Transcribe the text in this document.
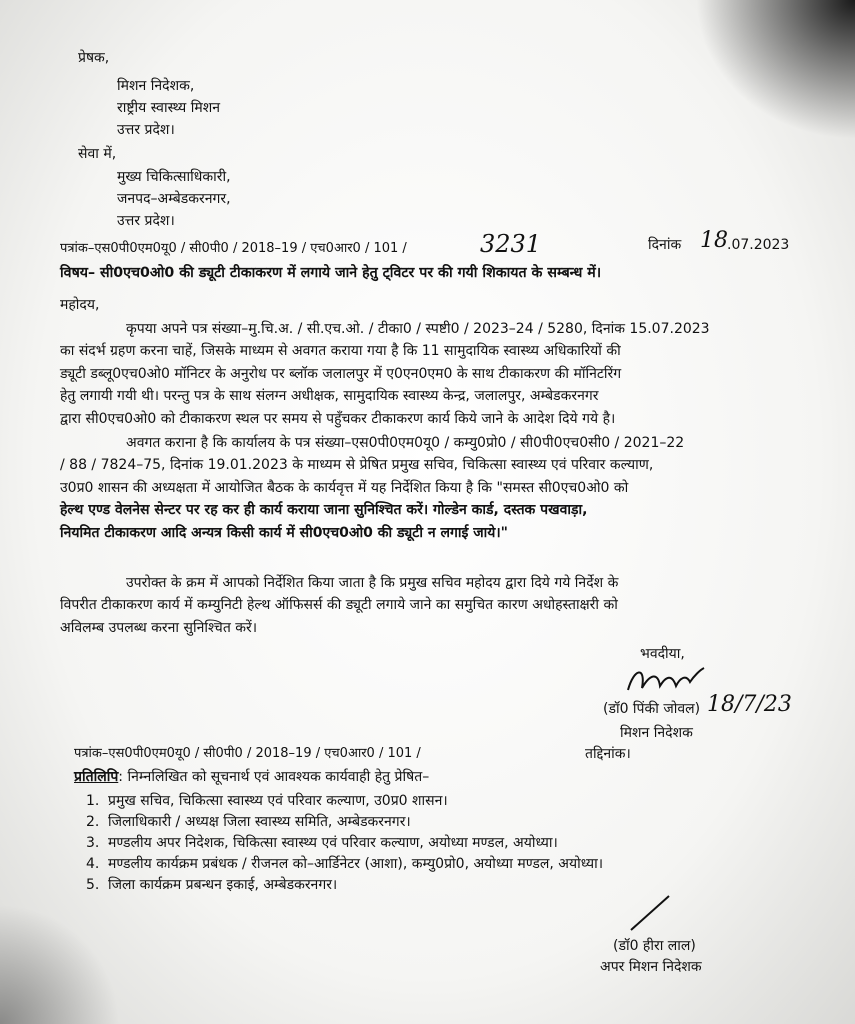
प्रेषक,
मिशन निदेशक,
राष्ट्रीय स्वास्थ्य मिशन
उत्तर प्रदेश।
सेवा में,
मुख्य चिकित्साधिकारी,
जनपद–अम्बेडकरनगर,
उत्तर प्रदेश।
पत्रांक–एस0पी0एम0यू0 / सी0पी0 / 2018–19 / एच0आर0 / 101 /	3231	दिनांक 18 .07.2023
विषय– सी0एच0ओ0 की ड्यूटी टीकाकरण में लगाये जाने हेतु ट्विटर पर की गयी शिकायत के सम्बन्ध में।
महोदय,
कृपया अपने पत्र संख्या–मु.चि.अ. / सी.एच.ओ. / टीका0 / स्पष्टी0 / 2023–24 / 5280, दिनांक 15.07.2023
का संदर्भ ग्रहण करना चाहें, जिसके माध्यम से अवगत कराया गया है कि 11 सामुदायिक स्वास्थ्य अधिकारियों की
ड्यूटी डब्लू0एच0ओ0 मॉनिटर के अनुरोध पर ब्लॉक जलालपुर में ए0एन0एम0 के साथ टीकाकरण की मॉनिटरिंग
हेतु लगायी गयी थी। परन्तु पत्र के साथ संलग्न अधीक्षक, सामुदायिक स्वास्थ्य केन्द्र, जलालपुर, अम्बेडकरनगर
द्वारा सी0एच0ओ0 को टीकाकरण स्थल पर समय से पहुँचकर टीकाकरण कार्य किये जाने के आदेश दिये गये है।
अवगत कराना है कि कार्यालय के पत्र संख्या–एस0पी0एम0यू0 / कम्यु0प्रो0 / सी0पी0एच0सी0 / 2021–22
/ 88 / 7824–75, दिनांक 19.01.2023 के माध्यम से प्रेषित प्रमुख सचिव, चिकित्सा स्वास्थ्य एवं परिवार कल्याण,
उ0प्र0 शासन की अध्यक्षता में आयोजित बैठक के कार्यवृत्त में यह निर्देशित किया है कि "समस्त सी0एच0ओ0 को
हेल्थ एण्ड वेलनेस सेन्टर पर रह कर ही कार्य कराया जाना सुनिश्चित करें। गोल्डेन कार्ड, दस्तक पखवाड़ा,
नियमित टीकाकरण आदि अन्यत्र किसी कार्य में सी0एच0ओ0 की ड्यूटी न लगाई जाये।"
उपरोक्त के क्रम में आपको निर्देशित किया जाता है कि प्रमुख सचिव महोदय द्वारा दिये गये निर्देश के
विपरीत टीकाकरण कार्य में कम्युनिटी हेल्थ ऑफिसर्स की ड्यूटी लगाये जाने का समुचित कारण अधोहस्ताक्षरी को
अविलम्ब उपलब्ध करना सुनिश्चित करें।
भवदीया,
(डॉ0 पिंकी जोवल) 18/7/23
मिशन निदेशक
पत्रांक–एस0पी0एम0यू0 / सी0पी0 / 2018–19 / एच0आर0 / 101 /	तद्दिनांक।
प्रतिलिपि: निम्नलिखित को सूचनार्थ एवं आवश्यक कार्यवाही हेतु प्रेषित–
1. प्रमुख सचिव, चिकित्सा स्वास्थ्य एवं परिवार कल्याण, उ0प्र0 शासन।
2. जिलाधिकारी / अध्यक्ष जिला स्वास्थ्य समिति, अम्बेडकरनगर।
3. मण्डलीय अपर निदेशक, चिकित्सा स्वास्थ्य एवं परिवार कल्याण, अयोध्या मण्डल, अयोध्या।
4. मण्डलीय कार्यक्रम प्रबंधक / रीजनल को–आर्डिनेटर (आशा), कम्यु0प्रो0, अयोध्या मण्डल, अयोध्या।
5. जिला कार्यक्रम प्रबन्धन इकाई, अम्बेडकरनगर।
(डॉ0 हीरा लाल)
अपर मिशन निदेशक
